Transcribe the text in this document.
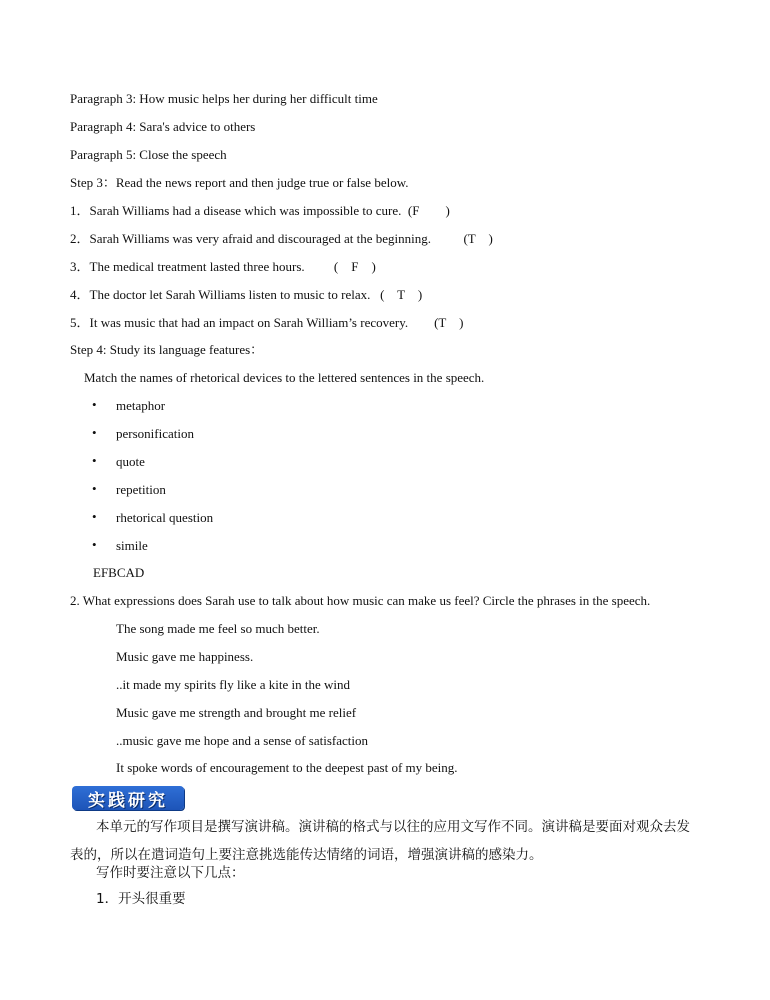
Paragraph 3: How music helps her during her difficult time
Paragraph 4: Sara's advice to others
Paragraph 5: Close the speech
Step 3：Read the news report and then judge true or false below.
1．Sarah Williams had a disease which was impossible to cure.  (F        )
2．Sarah Williams was very afraid and discouraged at the beginning.          (T    )
3．The medical treatment lasted three hours.         (    F    )
4．The doctor let Sarah Williams listen to music to relax.   (    T    )
5．It was music that had an impact on Sarah William’s recovery.        (T    )
Step 4: Study its language features：
Match the names of rhetorical devices to the lettered sentences in the speech.
• metaphor
• personification
• quote
• repetition
• rhetorical question
• simile
EFBCAD
2. What expressions does Sarah use to talk about how music can make us feel? Circle the phrases in the speech.
The song made me feel so much better.
Music gave me happiness.
..it made my spirits fly like a kite in the wind
Music gave me strength and brought me relief
..music gave me hope and a sense of satisfaction
It spoke words of encouragement to the deepest past of my being.
实践研究
本单元的写作项目是撰写演讲稿。演讲稿的格式与以往的应用文写作不同。演讲稿是要面对观众去发
表的，所以在遣词造句上要注意挑选能传达情绪的词语，增强演讲稿的感染力。
写作时要注意以下几点：
1．开头很重要
